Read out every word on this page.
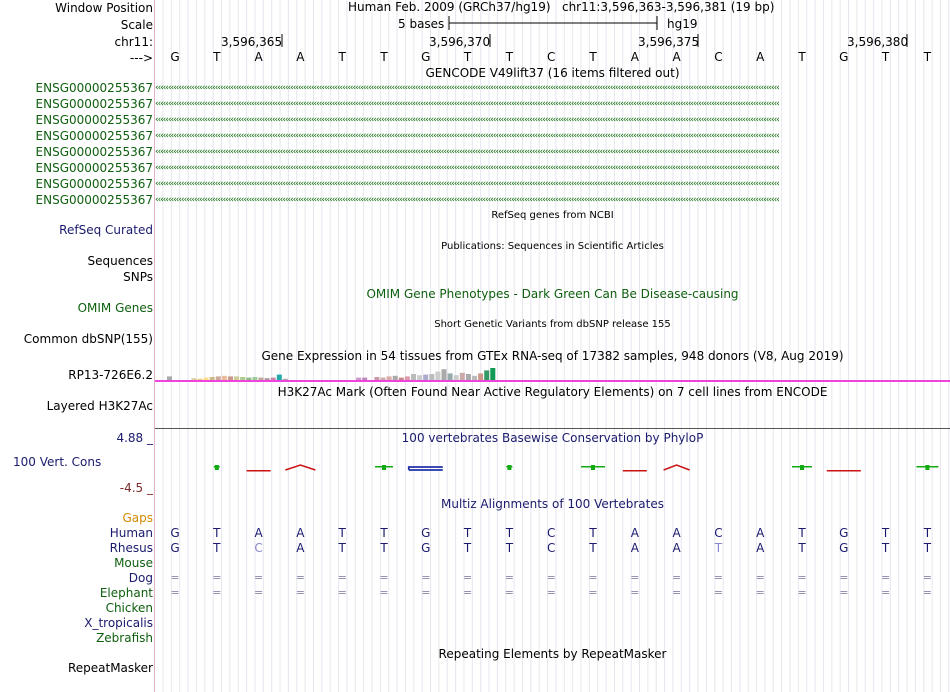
Window Position	Human Feb. 2009 (GRCh37/hg19) chr11:3,596,363-3,596,381 (19 bp)
Scale	5 bases	hg19
chr11:	3,596,365	3,596,370	3,596,375	3,596,380
--->	G	T	A	A	T	T	G	T	T	C	T	A	A	C	A	T	G	T	T
GENCODE V49lift37 (16 items filtered out)
ENSG00000255367 ‹‹‹‹‹‹‹‹‹‹‹‹‹‹‹‹‹‹‹‹‹‹‹‹‹‹‹‹‹‹‹‹‹‹‹‹‹‹‹‹‹‹‹‹‹‹‹‹‹‹‹‹‹‹‹‹‹‹‹‹‹‹‹‹‹‹‹‹‹‹‹‹‹‹‹‹‹‹‹‹‹‹‹‹‹‹‹‹‹‹‹‹‹‹‹‹‹‹‹‹‹‹‹‹‹‹‹‹‹‹‹‹‹‹‹‹‹‹‹‹‹‹‹‹‹‹‹‹‹‹‹‹‹‹‹‹‹‹‹‹‹‹‹‹‹‹‹‹‹‹‹‹‹‹‹‹‹‹‹‹‹‹‹‹‹‹‹‹‹‹‹‹‹‹‹‹‹‹‹‹‹‹‹‹‹‹‹‹‹‹‹‹‹‹‹‹‹‹‹‹‹‹‹‹‹‹‹‹‹‹‹‹‹‹‹‹‹‹‹‹‹‹‹‹‹‹‹‹‹‹‹‹‹‹‹‹‹‹‹‹
ENSG00000255367 ‹‹‹‹‹‹‹‹‹‹‹‹‹‹‹‹‹‹‹‹‹‹‹‹‹‹‹‹‹‹‹‹‹‹‹‹‹‹‹‹‹‹‹‹‹‹‹‹‹‹‹‹‹‹‹‹‹‹‹‹‹‹‹‹‹‹‹‹‹‹‹‹‹‹‹‹‹‹‹‹‹‹‹‹‹‹‹‹‹‹‹‹‹‹‹‹‹‹‹‹‹‹‹‹‹‹‹‹‹‹‹‹‹‹‹‹‹‹‹‹‹‹‹‹‹‹‹‹‹‹‹‹‹‹‹‹‹‹‹‹‹‹‹‹‹‹‹‹‹‹‹‹‹‹‹‹‹‹‹‹‹‹‹‹‹‹‹‹‹‹‹‹‹‹‹‹‹‹‹‹‹‹‹‹‹‹‹‹‹‹‹‹‹‹‹‹‹‹‹‹‹‹‹‹‹‹‹‹‹‹‹‹‹‹‹‹‹‹‹‹‹‹‹‹‹‹‹‹‹‹‹‹‹‹‹‹‹‹‹‹
ENSG00000255367 ‹‹‹‹‹‹‹‹‹‹‹‹‹‹‹‹‹‹‹‹‹‹‹‹‹‹‹‹‹‹‹‹‹‹‹‹‹‹‹‹‹‹‹‹‹‹‹‹‹‹‹‹‹‹‹‹‹‹‹‹‹‹‹‹‹‹‹‹‹‹‹‹‹‹‹‹‹‹‹‹‹‹‹‹‹‹‹‹‹‹‹‹‹‹‹‹‹‹‹‹‹‹‹‹‹‹‹‹‹‹‹‹‹‹‹‹‹‹‹‹‹‹‹‹‹‹‹‹‹‹‹‹‹‹‹‹‹‹‹‹‹‹‹‹‹‹‹‹‹‹‹‹‹‹‹‹‹‹‹‹‹‹‹‹‹‹‹‹‹‹‹‹‹‹‹‹‹‹‹‹‹‹‹‹‹‹‹‹‹‹‹‹‹‹‹‹‹‹‹‹‹‹‹‹‹‹‹‹‹‹‹‹‹‹‹‹‹‹‹‹‹‹‹‹‹‹‹‹‹‹‹‹‹‹‹‹‹‹‹‹
ENSG00000255367 ‹‹‹‹‹‹‹‹‹‹‹‹‹‹‹‹‹‹‹‹‹‹‹‹‹‹‹‹‹‹‹‹‹‹‹‹‹‹‹‹‹‹‹‹‹‹‹‹‹‹‹‹‹‹‹‹‹‹‹‹‹‹‹‹‹‹‹‹‹‹‹‹‹‹‹‹‹‹‹‹‹‹‹‹‹‹‹‹‹‹‹‹‹‹‹‹‹‹‹‹‹‹‹‹‹‹‹‹‹‹‹‹‹‹‹‹‹‹‹‹‹‹‹‹‹‹‹‹‹‹‹‹‹‹‹‹‹‹‹‹‹‹‹‹‹‹‹‹‹‹‹‹‹‹‹‹‹‹‹‹‹‹‹‹‹‹‹‹‹‹‹‹‹‹‹‹‹‹‹‹‹‹‹‹‹‹‹‹‹‹‹‹‹‹‹‹‹‹‹‹‹‹‹‹‹‹‹‹‹‹‹‹‹‹‹‹‹‹‹‹‹‹‹‹‹‹‹‹‹‹‹‹‹‹‹‹‹‹‹‹
ENSG00000255367 ‹‹‹‹‹‹‹‹‹‹‹‹‹‹‹‹‹‹‹‹‹‹‹‹‹‹‹‹‹‹‹‹‹‹‹‹‹‹‹‹‹‹‹‹‹‹‹‹‹‹‹‹‹‹‹‹‹‹‹‹‹‹‹‹‹‹‹‹‹‹‹‹‹‹‹‹‹‹‹‹‹‹‹‹‹‹‹‹‹‹‹‹‹‹‹‹‹‹‹‹‹‹‹‹‹‹‹‹‹‹‹‹‹‹‹‹‹‹‹‹‹‹‹‹‹‹‹‹‹‹‹‹‹‹‹‹‹‹‹‹‹‹‹‹‹‹‹‹‹‹‹‹‹‹‹‹‹‹‹‹‹‹‹‹‹‹‹‹‹‹‹‹‹‹‹‹‹‹‹‹‹‹‹‹‹‹‹‹‹‹‹‹‹‹‹‹‹‹‹‹‹‹‹‹‹‹‹‹‹‹‹‹‹‹‹‹‹‹‹‹‹‹‹‹‹‹‹‹‹‹‹‹‹‹‹‹‹‹‹‹
ENSG00000255367 ‹‹‹‹‹‹‹‹‹‹‹‹‹‹‹‹‹‹‹‹‹‹‹‹‹‹‹‹‹‹‹‹‹‹‹‹‹‹‹‹‹‹‹‹‹‹‹‹‹‹‹‹‹‹‹‹‹‹‹‹‹‹‹‹‹‹‹‹‹‹‹‹‹‹‹‹‹‹‹‹‹‹‹‹‹‹‹‹‹‹‹‹‹‹‹‹‹‹‹‹‹‹‹‹‹‹‹‹‹‹‹‹‹‹‹‹‹‹‹‹‹‹‹‹‹‹‹‹‹‹‹‹‹‹‹‹‹‹‹‹‹‹‹‹‹‹‹‹‹‹‹‹‹‹‹‹‹‹‹‹‹‹‹‹‹‹‹‹‹‹‹‹‹‹‹‹‹‹‹‹‹‹‹‹‹‹‹‹‹‹‹‹‹‹‹‹‹‹‹‹‹‹‹‹‹‹‹‹‹‹‹‹‹‹‹‹‹‹‹‹‹‹‹‹‹‹‹‹‹‹‹‹‹‹‹‹‹‹‹‹
ENSG00000255367 ‹‹‹‹‹‹‹‹‹‹‹‹‹‹‹‹‹‹‹‹‹‹‹‹‹‹‹‹‹‹‹‹‹‹‹‹‹‹‹‹‹‹‹‹‹‹‹‹‹‹‹‹‹‹‹‹‹‹‹‹‹‹‹‹‹‹‹‹‹‹‹‹‹‹‹‹‹‹‹‹‹‹‹‹‹‹‹‹‹‹‹‹‹‹‹‹‹‹‹‹‹‹‹‹‹‹‹‹‹‹‹‹‹‹‹‹‹‹‹‹‹‹‹‹‹‹‹‹‹‹‹‹‹‹‹‹‹‹‹‹‹‹‹‹‹‹‹‹‹‹‹‹‹‹‹‹‹‹‹‹‹‹‹‹‹‹‹‹‹‹‹‹‹‹‹‹‹‹‹‹‹‹‹‹‹‹‹‹‹‹‹‹‹‹‹‹‹‹‹‹‹‹‹‹‹‹‹‹‹‹‹‹‹‹‹‹‹‹‹‹‹‹‹‹‹‹‹‹‹‹‹‹‹‹‹‹‹‹‹‹
ENSG00000255367 ‹‹‹‹‹‹‹‹‹‹‹‹‹‹‹‹‹‹‹‹‹‹‹‹‹‹‹‹‹‹‹‹‹‹‹‹‹‹‹‹‹‹‹‹‹‹‹‹‹‹‹‹‹‹‹‹‹‹‹‹‹‹‹‹‹‹‹‹‹‹‹‹‹‹‹‹‹‹‹‹‹‹‹‹‹‹‹‹‹‹‹‹‹‹‹‹‹‹‹‹‹‹‹‹‹‹‹‹‹‹‹‹‹‹‹‹‹‹‹‹‹‹‹‹‹‹‹‹‹‹‹‹‹‹‹‹‹‹‹‹‹‹‹‹‹‹‹‹‹‹‹‹‹‹‹‹‹‹‹‹‹‹‹‹‹‹‹‹‹‹‹‹‹‹‹‹‹‹‹‹‹‹‹‹‹‹‹‹‹‹‹‹‹‹‹‹‹‹‹‹‹‹‹‹‹‹‹‹‹‹‹‹‹‹‹‹‹‹‹‹‹‹‹‹‹‹‹‹‹‹‹‹‹‹‹‹‹‹‹‹
RefSeq genes from NCBI
RefSeq Curated
Publications: Sequences in Scientific Articles
Sequences
SNPs
OMIM Gene Phenotypes - Dark Green Can Be Disease-causing
OMIM Genes
Short Genetic Variants from dbSNP release 155
Common dbSNP(155)
Gene Expression in 54 tissues from GTEx RNA-seq of 17382 samples, 948 donors (V8, Aug 2019)
RP13-726E6.2
H3K27Ac Mark (Often Found Near Active Regulatory Elements) on 7 cell lines from ENCODE
Layered H3K27Ac
100 vertebrates Basewise Conservation by PhyloP
4.88 _
100 Vert. Cons
-4.5 _
Multiz Alignments of 100 Vertebrates
Gaps
Human	G	T	A	A	T	T	G	T	T	C	T	A	A	C	A	T	G	T	T
Rhesus	G	T	C	A	T	T	G	T	T	C	T	A	A	T	A	T	G	T	T
Mouse
Dog	=	=	=	=	=	=	=	=	=	=	=	=	=	=	=	=	=	=	=
Elephant	=	=	=	=	=	=	=	=	=	=	=	=	=	=	=	=	=	=	=
Chicken
X_tropicalis
Zebrafish
Repeating Elements by RepeatMasker
RepeatMasker
